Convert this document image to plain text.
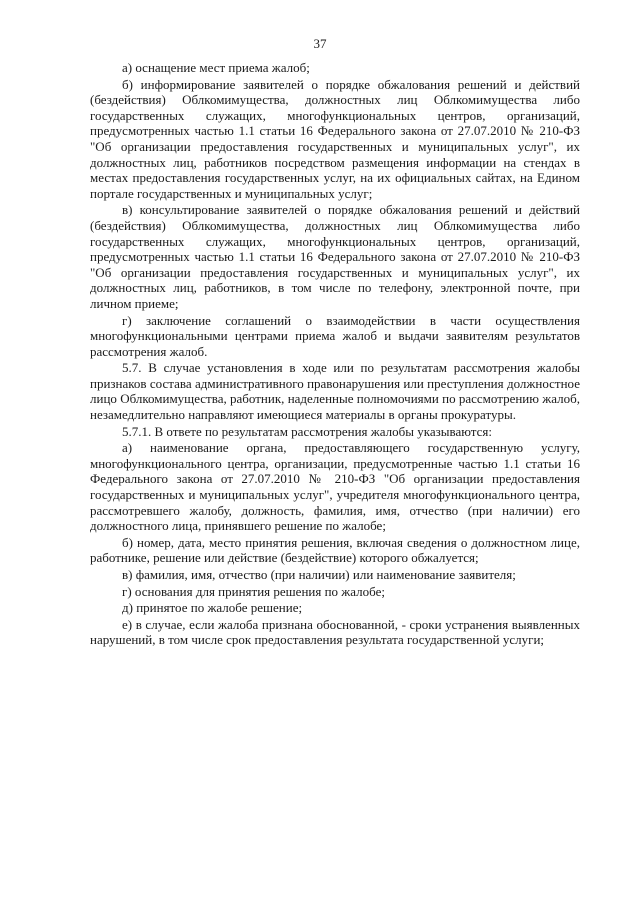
37

а) оснащение мест приема жалоб;

б) информирование заявителей о порядке обжалования решений и действий (бездействия) Облкомимущества, должностных лиц Облкомимущества либо государственных служащих, многофункциональных центров, организаций, предусмотренных частью 1.1 статьи 16 Федерального закона от 27.07.2010 № 210-ФЗ "Об организации предоставления государственных и муниципальных услуг", их должностных лиц, работников посредством размещения информации на стендах в местах предоставления государственных услуг, на их официальных сайтах, на Едином портале государственных и муниципальных услуг;

в) консультирование заявителей о порядке обжалования решений и действий (бездействия) Облкомимущества, должностных лиц Облкомимущества либо государственных служащих, многофункциональных центров, организаций, предусмотренных частью 1.1 статьи 16 Федерального закона от 27.07.2010 № 210-ФЗ "Об организации предоставления государственных и муниципальных услуг", их должностных лиц, работников, в том числе по телефону, электронной почте, при личном приеме;

г) заключение соглашений о взаимодействии в части осуществления многофункциональными центрами приема жалоб и выдачи заявителям результатов рассмотрения жалоб.

5.7. В случае установления в ходе или по результатам рассмотрения жалобы признаков состава административного правонарушения или преступления должностное лицо Облкомимущества, работник, наделенные полномочиями по рассмотрению жалоб, незамедлительно направляют имеющиеся материалы в органы прокуратуры.

5.7.1. В ответе по результатам рассмотрения жалобы указываются:

а) наименование органа, предоставляющего государственную услугу, многофункционального центра, организации, предусмотренные частью 1.1 статьи 16 Федерального закона от 27.07.2010 № 210-ФЗ "Об организации предоставления государственных и муниципальных услуг", учредителя многофункционального центра, рассмотревшего жалобу, должность, фамилия, имя, отчество (при наличии) его должностного лица, принявшего решение по жалобе;

б) номер, дата, место принятия решения, включая сведения о должностном лице, работнике, решение или действие (бездействие) которого обжалуется;

в) фамилия, имя, отчество (при наличии) или наименование заявителя;

г) основания для принятия решения по жалобе;

д) принятое по жалобе решение;

е) в случае, если жалоба признана обоснованной, - сроки устранения выявленных нарушений, в том числе срок предоставления результата государственной услуги;
